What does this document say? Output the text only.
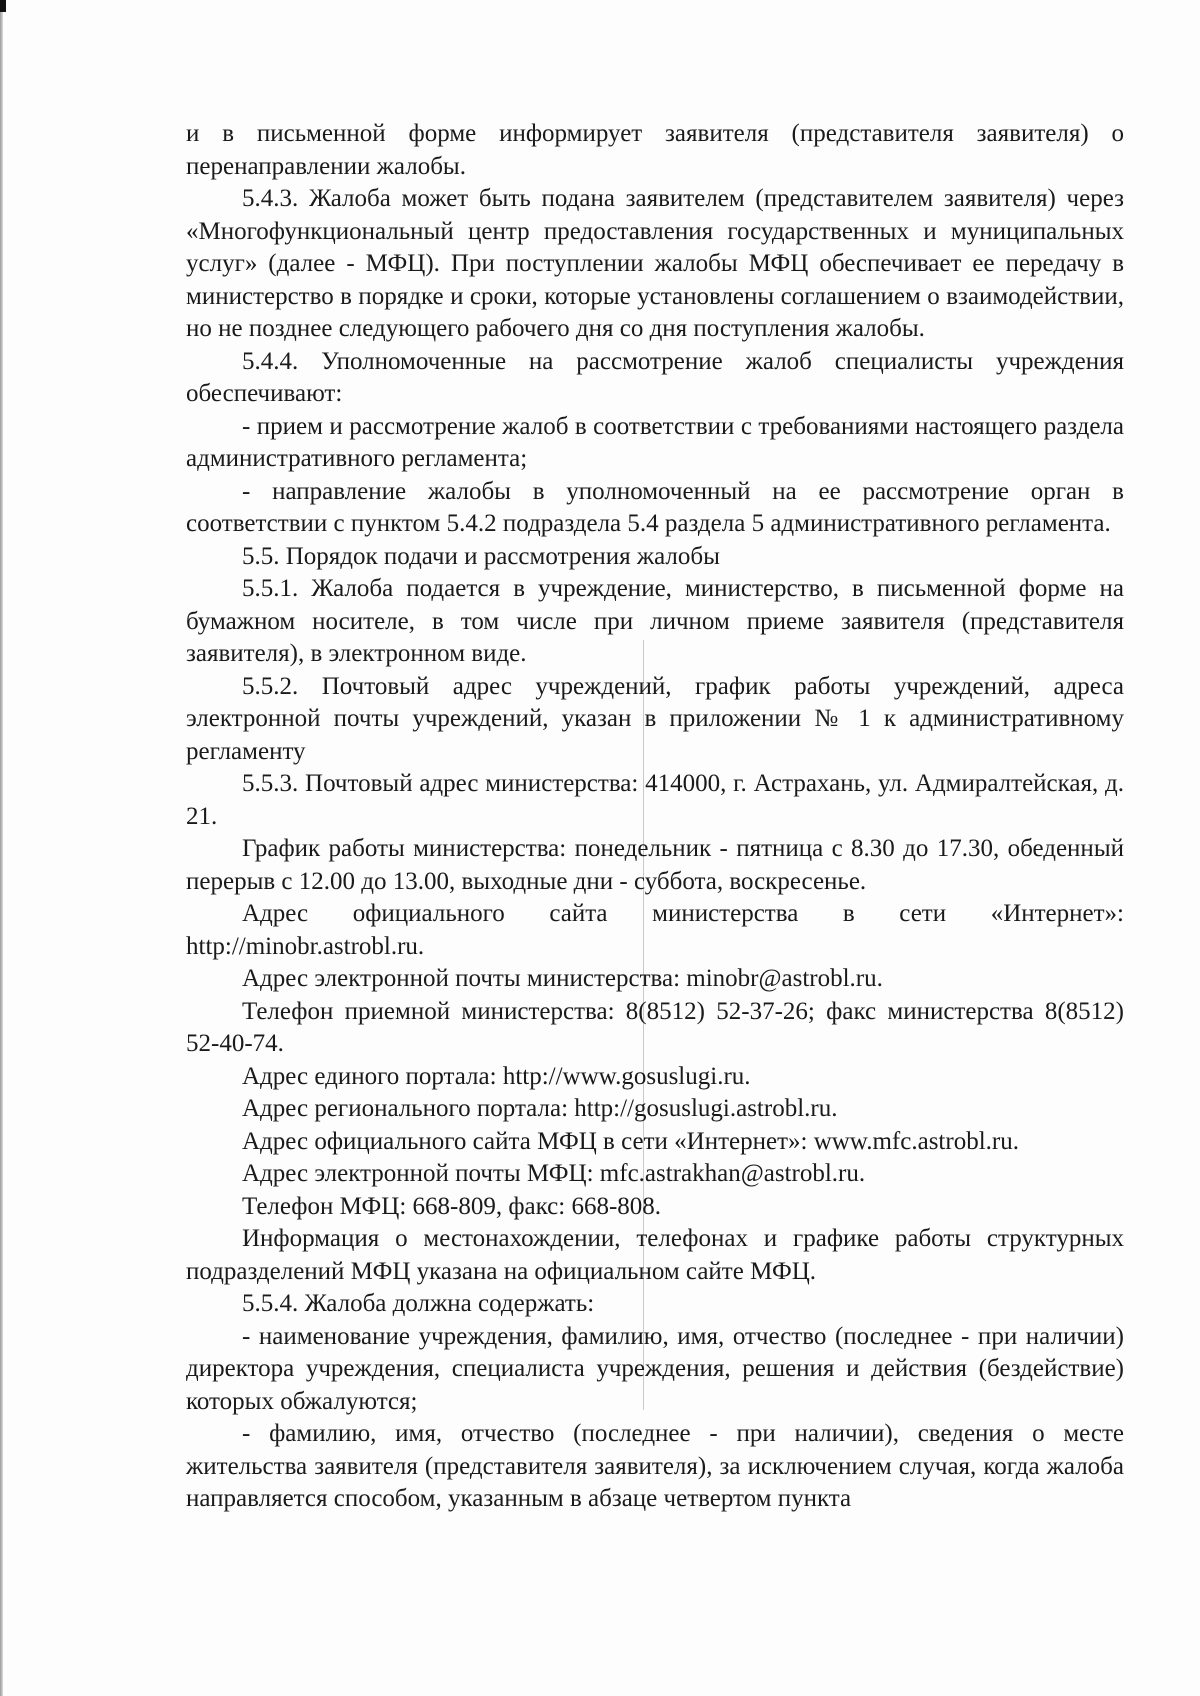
и в письменной форме информирует заявителя (представителя заявителя) о перенаправлении жалобы.

5.4.3. Жалоба может быть подана заявителем (представителем заявителя) через «Многофункциональный центр предоставления государственных и муниципальных услуг» (далее - МФЦ). При поступлении жалобы МФЦ обеспечивает ее передачу в министерство в порядке и сроки, которые установлены соглашением о взаимодействии, но не позднее следующего рабочего дня со дня поступления жалобы.

5.4.4. Уполномоченные на рассмотрение жалоб специалисты учреждения обеспечивают:

- прием и рассмотрение жалоб в соответствии с требованиями настоящего раздела административного регламента;

- направление жалобы в уполномоченный на ее рассмотрение орган в соответствии с пунктом 5.4.2 подраздела 5.4 раздела 5 административного регламента.

5.5. Порядок подачи и рассмотрения жалобы

5.5.1. Жалоба подается в учреждение, министерство, в письменной форме на бумажном носителе, в том числе при личном приеме заявителя (представителя заявителя), в электронном виде.

5.5.2. Почтовый адрес учреждений, график работы учреждений, адреса электронной почты учреждений, указан в приложении № 1 к административному регламенту

5.5.3. Почтовый адрес министерства: 414000, г. Астрахань, ул. Адмиралтейская, д. 21.

График работы министерства: понедельник - пятница с 8.30 до 17.30, обеденный перерыв с 12.00 до 13.00, выходные дни - суббота, воскресенье.

Адрес официального сайта министерства в сети «Интернет»: http://minobr.astrobl.ru.

Адрес электронной почты министерства: minobr@astrobl.ru.

Телефон приемной министерства: 8(8512) 52-37-26; факс министерства 8(8512) 52-40-74.

Адрес единого портала: http://www.gosuslugi.ru.

Адрес регионального портала: http://gosuslugi.astrobl.ru.

Адрес официального сайта МФЦ в сети «Интернет»: www.mfc.astrobl.ru.

Адрес электронной почты МФЦ: mfc.astrakhan@astrobl.ru.

Телефон МФЦ: 668-809, факс: 668-808.

Информация о местонахождении, телефонах и графике работы структурных подразделений МФЦ указана на официальном сайте МФЦ.

5.5.4. Жалоба должна содержать:

- наименование учреждения, фамилию, имя, отчество (последнее - при наличии) директора учреждения, специалиста учреждения, решения и действия (бездействие) которых обжалуются;

- фамилию, имя, отчество (последнее - при наличии), сведения о месте жительства заявителя (представителя заявителя), за исключением случая, когда жалоба направляется способом, указанным в абзаце четвертом пункта
